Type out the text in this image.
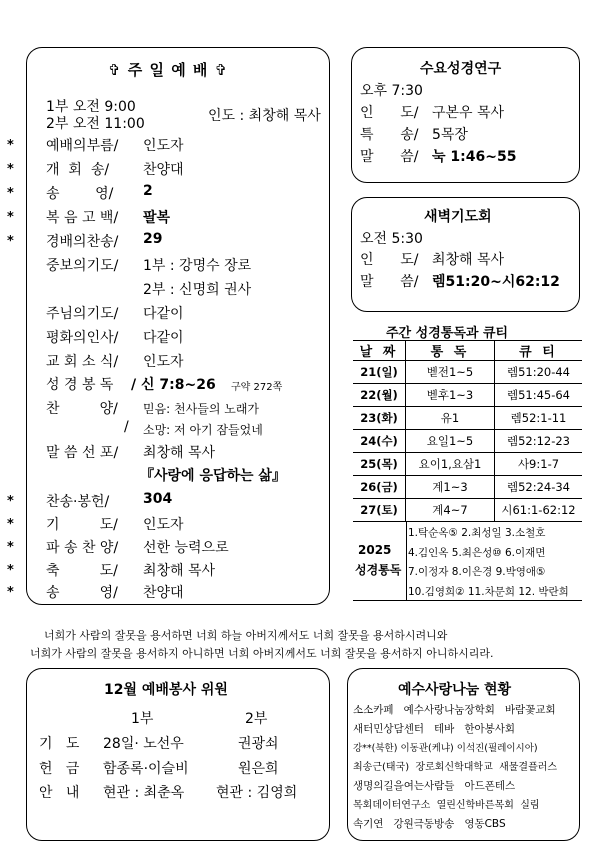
✞ 주 일 예 배 ✞
1부 오전 9:00
2부 오전 11:00	인도 : 최창해 목사
* 예배의부름/ 인도자
* 개  회  송/ 찬양대
* 송        영/ 2
* 복 음 고 백/ 팔복
* 경배의찬송/ 29
중보의기도/ 1부 : 강명수 장로
2부 : 신명희 권사
주님의기도/ 다같이
평화의인사/ 다같이
교 회 소 식/ 인도자
성 경 봉 독 / 신 7:8~26 구약 272쪽
찬         양/ 믿음: 천사들의 노래가
/ 소망: 저 아기 잠들었네
말 씀 선 포/ 최창해 목사
『사랑에 응답하는 삶』
* 찬송·봉헌/ 304
* 기         도/ 인도자
* 파 송 찬 양/ 선한 능력으로
* 축         도/ 최창해 목사
* 송         영/ 찬양대
수요성경연구
오후 7:30
인      도/ 구본우 목사
특      송/ 5목장
말      씀/ 눅 1:46~55
새벽기도회
오전 5:30
인      도/ 최창해 목사
말      씀/ 렘51:20~시62:12
주간 성경통독과 큐티
날 짜	통 독	큐 티
21(일)	벧전1~5	렘51:20-44
22(월)	벧후1~3	렘51:45-64
23(화)	유1	렘52:1-11
24(수)	요일1~5	렘52:12-23
25(목)	요이1,요삼1	사9:1-7
26(금)	계1~3	렘52:24-34
27(토)	계4~7	시61:1-62:12
2025
성경통독
1.탁순옥⑤ 2.최성일 3.소철호
4.김인옥 5.최은성⑩ 6.이재면
7.이정자 8.이은경 9.박영애⑤
10.김영희② 11.차문희 12. 박란희
너희가 사람의 잘못을 용서하면 너희 하늘 아버지께서도 너희 잘못을 용서하시려니와
너희가 사람의 잘못을 용서하지 아니하면 너희 아버지께서도 너희 잘못을 용서하지 아니하시리라.
12월 예배봉사 위원
1부	2부
기   도 28일· 노선우	권광쇠
헌   금 함종록·이슬비	원은희
안   내 현관 : 최춘옥 현관 : 김영희
예수사랑나눔 현황
소소카페   예수사랑나눔장학회   바람꽃교회
새터민상담센터   테바   한아봉사회
강**(북한) 이동관(케냐) 이석진(필레이시아)
최송근(태국)  장로회신학대학교  새물결플러스
생명의길을여는사람들   아드폰테스
목회데이터연구소  열린신학바른목회  실림
속기연   강원극동방송   영동CBS
